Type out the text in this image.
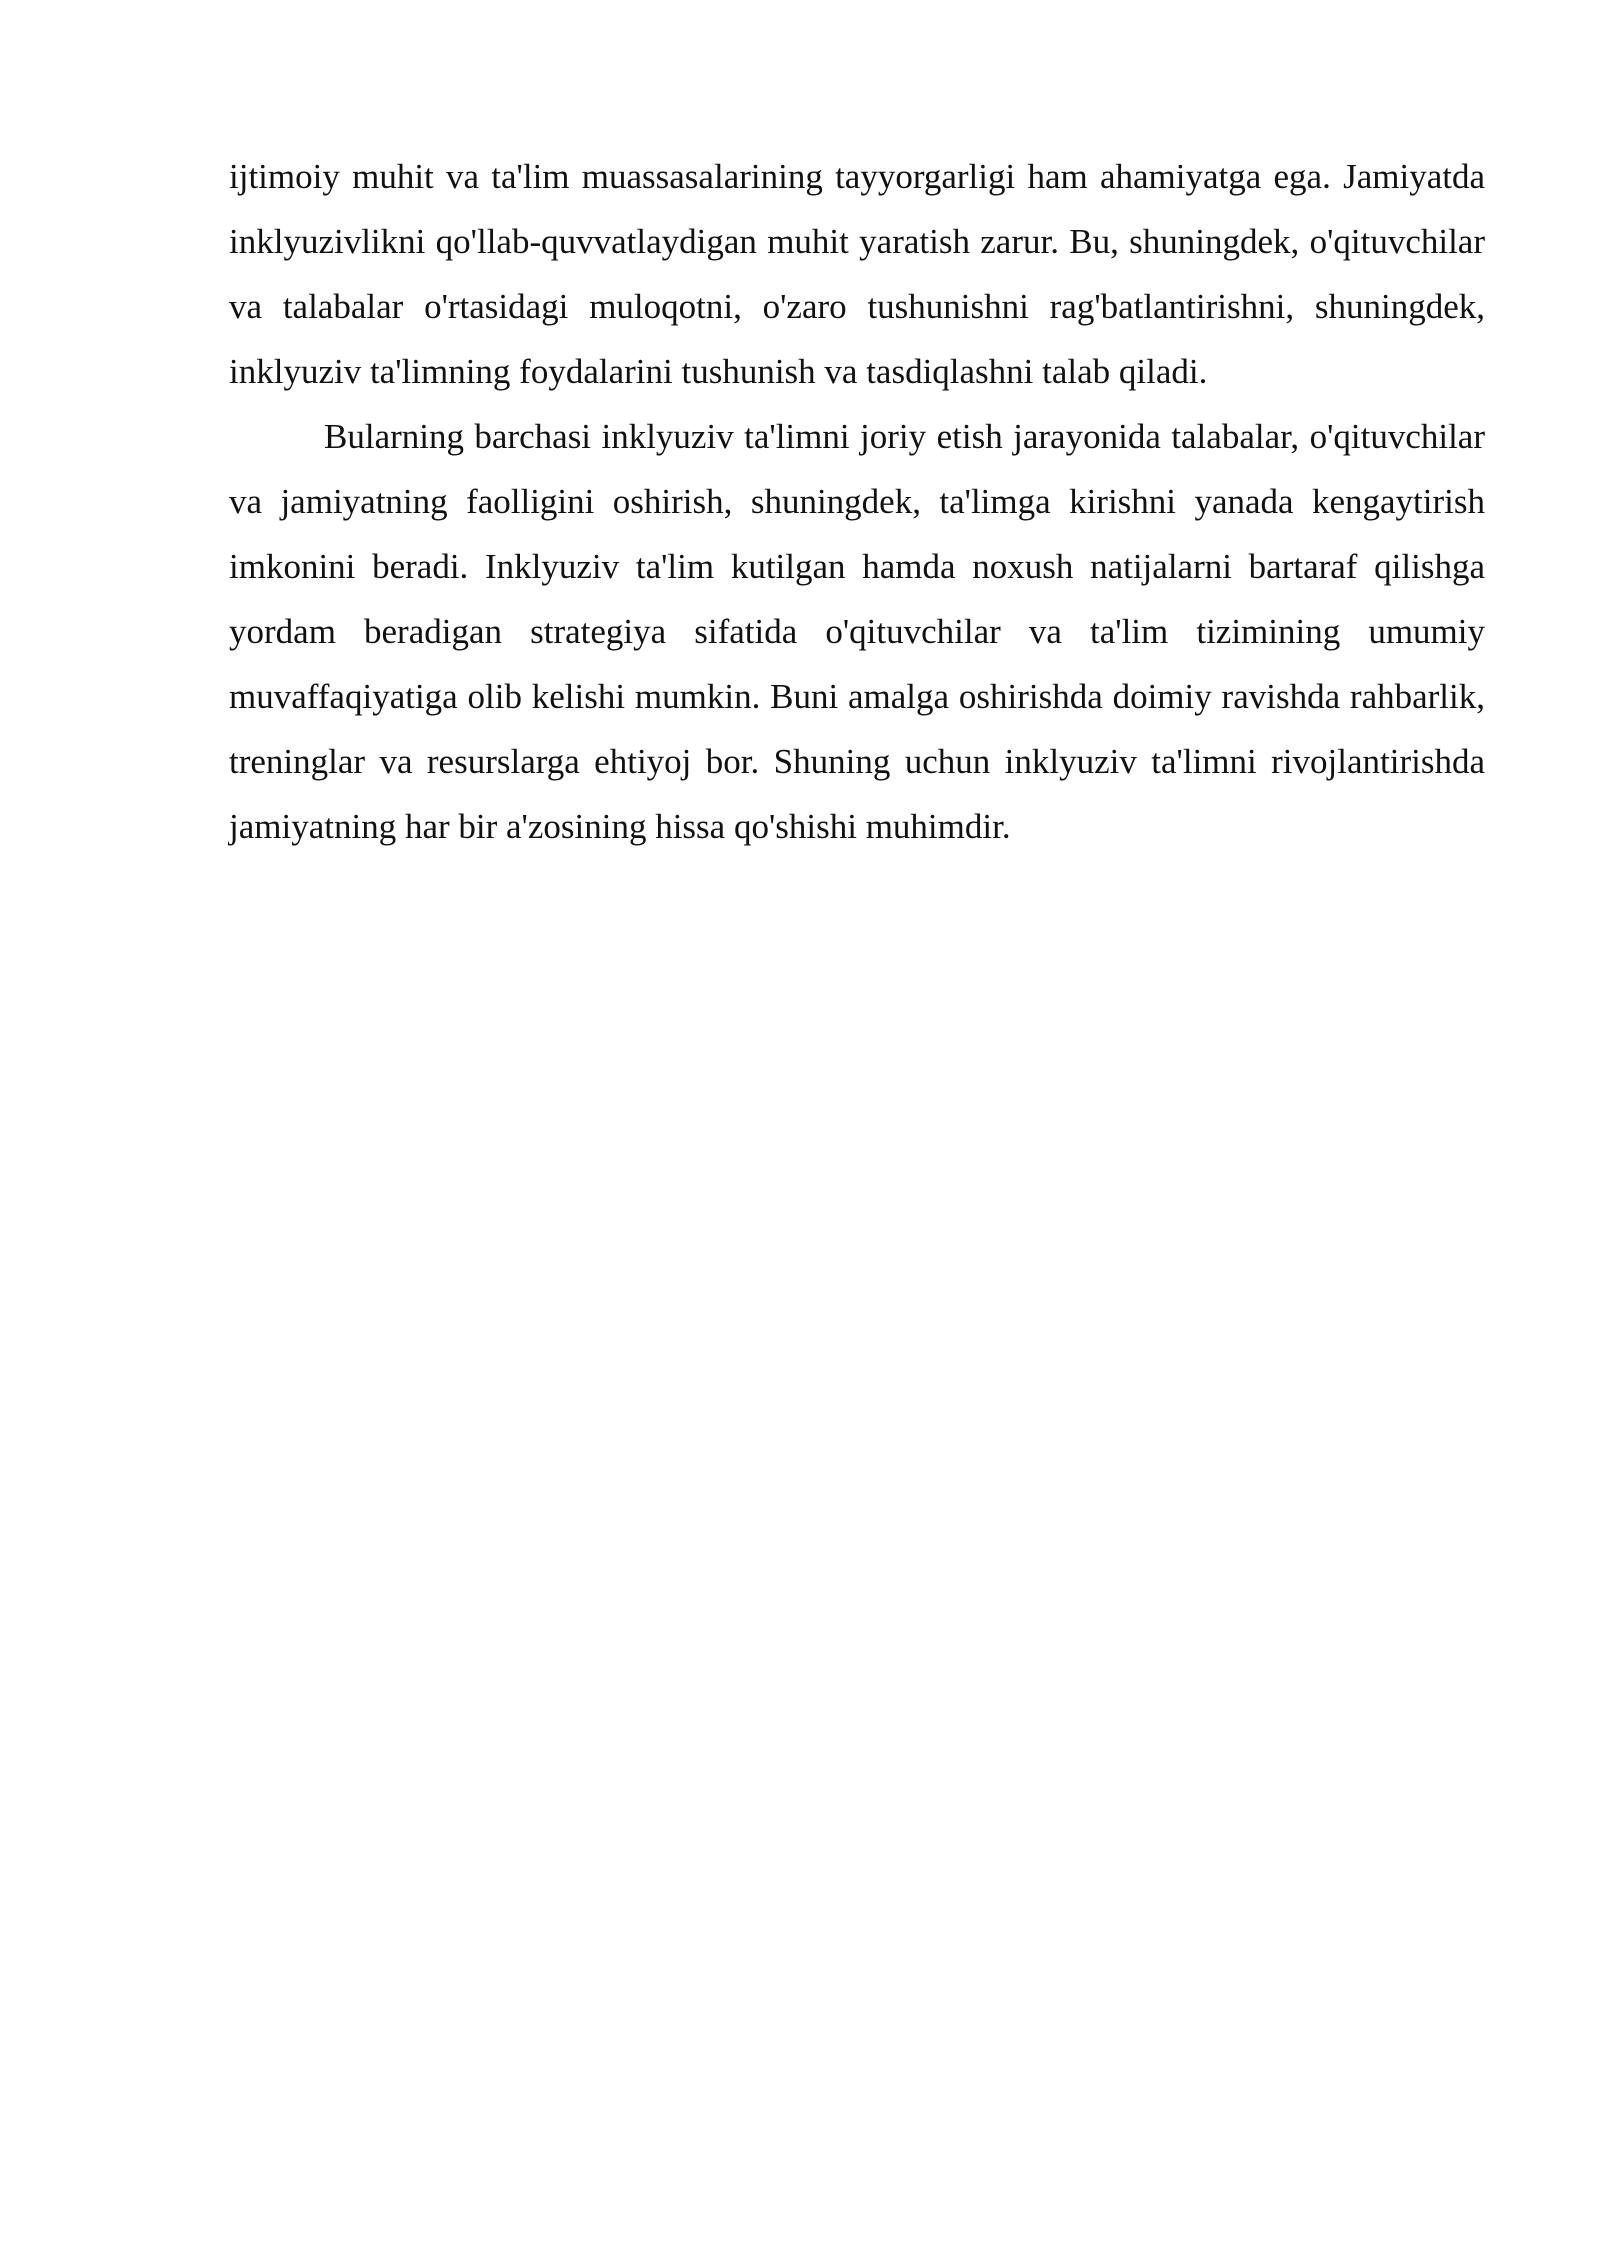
ijtimoiy muhit va ta'lim muassasalarining tayyorgarligi ham ahamiyatga ega. Jamiyatda inklyuzivlikni qo'llab-quvvatlaydigan muhit yaratish zarur. Bu, shuningdek, o'qituvchilar va talabalar o'rtasidagi muloqotni, o'zaro tushunishni rag'batlantirishni, shuningdek, inklyuziv ta'limning foydalarini tushunish va tasdiqlashni talab qiladi.

Bularning barchasi inklyuziv ta'limni joriy etish jarayonida talabalar, o'qituvchilar va jamiyatning faolligini oshirish, shuningdek, ta'limga kirishni yanada kengaytirish imkonini beradi. Inklyuziv ta'lim kutilgan hamda noxush natijalarni bartaraf qilishga yordam beradigan strategiya sifatida o'qituvchilar va ta'lim tizimining umumiy muvaffaqiyatiga olib kelishi mumkin. Buni amalga oshirishda doimiy ravishda rahbarlik, treninglar va resurslarga ehtiyoj bor. Shuning uchun inklyuziv ta'limni rivojlantirishda jamiyatning har bir a'zosining hissa qo'shishi muhimdir.
